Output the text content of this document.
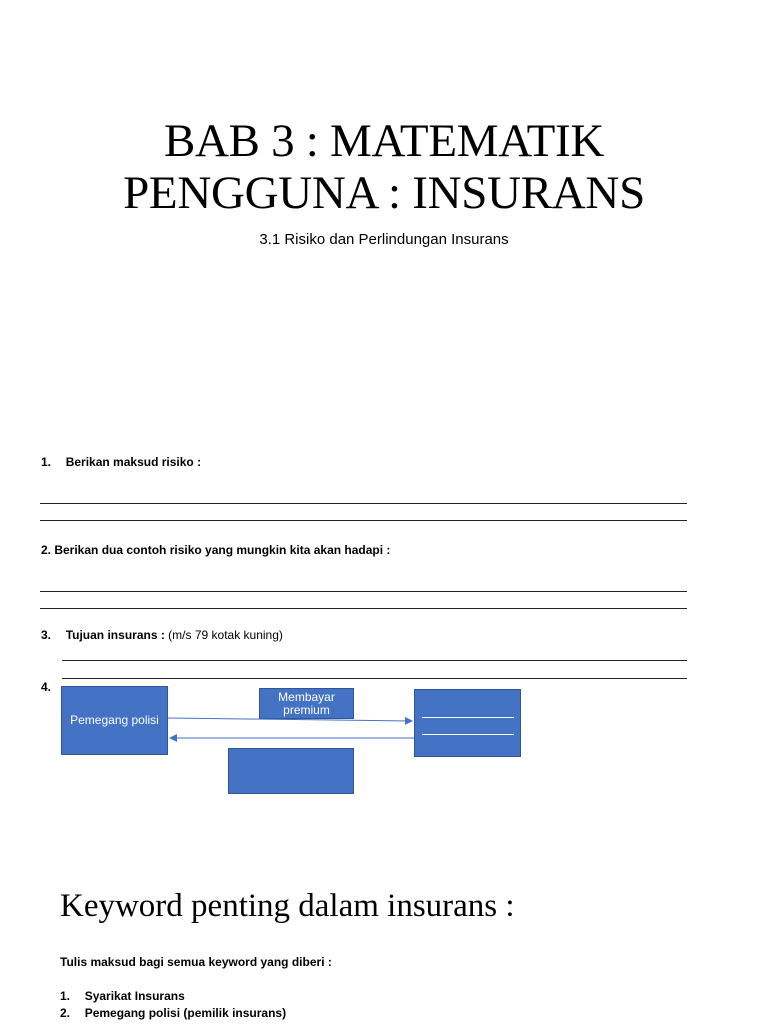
BAB 3 : MATEMATIK
PENGGUNA : INSURANS
3.1 Risiko dan Perlindungan Insurans
1. Berikan maksud risiko :
2. Berikan dua contoh risiko yang mungkin kita akan hadapi :
3. Tujuan insurans : (m/s 79 kotak kuning)
4.
Pemegang polisi
Membayar
premium
Keyword penting dalam insurans :
Tulis maksud bagi semua keyword yang diberi :
1. Syarikat Insurans
2. Pemegang polisi (pemilik insurans)
